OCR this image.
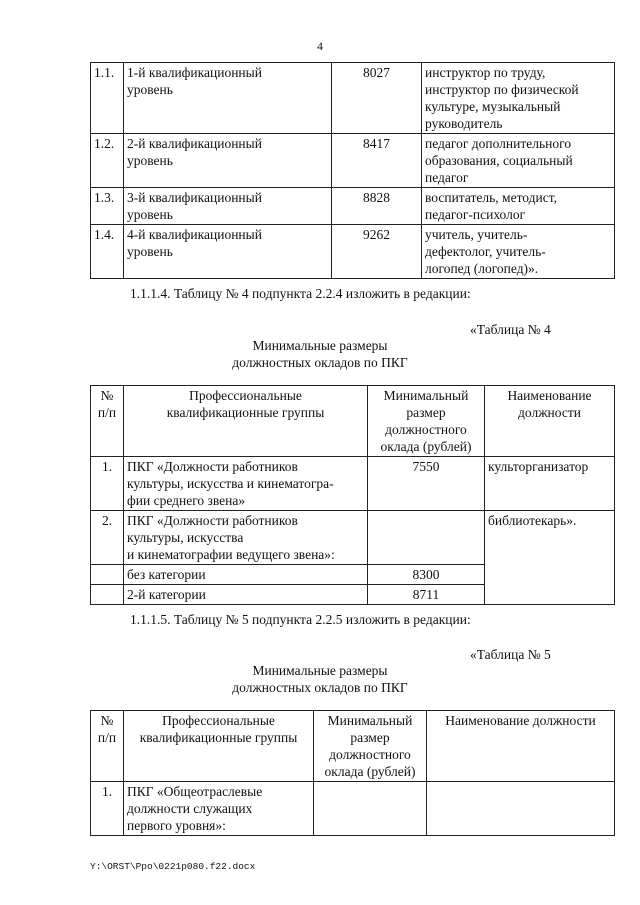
4
1.1.	1-й квалификационный
уровень	8027	инструктор по труду,
инструктор по физической
культуре, музыкальный
руководитель

1.2.	2-й квалификационный
уровень	8417	педагог дополнительного
образования, социальный
педагог

1.3.	3-й квалификационный
уровень	8828	воспитатель, методист,
педагог-психолог

1.4.	4-й квалификационный
уровень	9262	учитель, учитель-
дефектолог, учитель-
логопед (логопед)».
1.1.1.4. Таблицу № 4 подпункта 2.2.4 изложить в редакции:
«Таблица № 4
Минимальные размеры
должностных окладов по ПКГ
№
п/п	Профессиональные
квалификационные группы	Минимальный
размер
должностного
оклада (рублей)	Наименование
должности

1.	ПКГ «Должности работников
культуры, искусства и кинематогра-
фии среднего звена»	7550	культорганизатор
2.	ПКГ «Должности работников
культуры, искусства
и кинематографии ведущего звена»:		библиотекарь».
	без категории	8300	
	2-й категории	8711	
1.1.1.5. Таблицу № 5 подпункта 2.2.5 изложить в редакции:
«Таблица № 5
Минимальные размеры
должностных окладов по ПКГ
№
п/п	Профессиональные
квалификационные группы	Минимальный
размер
должностного
оклада (рублей)	Наименование должности
1.	ПКГ «Общеотраслевые
должности служащих
первого уровня»:		

Y:\ORST\Ppo\0221p080.f22.docx
